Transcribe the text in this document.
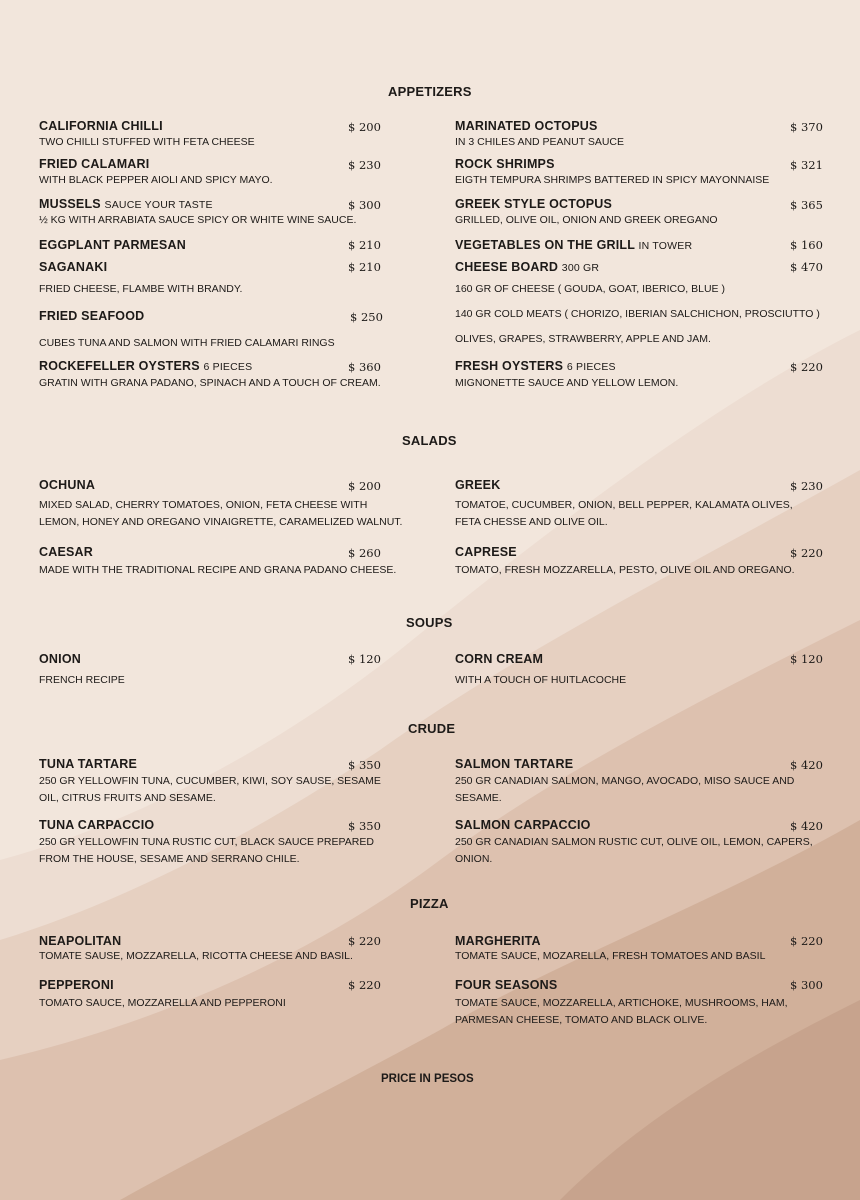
APPETIZERS
CALIFORNIA CHILLI	$ 200
TWO CHILLI STUFFED WITH FETA CHEESE
FRIED CALAMARI	$ 230
WITH BLACK PEPPER AIOLI AND SPICY MAYO.
MUSSELS SAUCE YOUR TASTE	$ 300
½ KG WITH ARRABIATA SAUCE SPICY OR WHITE WINE SAUCE.
EGGPLANT PARMESAN	$ 210
SAGANAKI	$ 210
FRIED CHEESE, FLAMBE WITH BRANDY.
FRIED SEAFOOD	$ 250
CUBES TUNA AND SALMON WITH FRIED CALAMARI RINGS
ROCKEFELLER OYSTERS 6 PIECES	$ 360
GRATIN WITH GRANA PADANO, SPINACH AND A TOUCH OF CREAM.
MARINATED OCTOPUS	$ 370
IN 3 CHILES AND PEANUT SAUCE
ROCK SHRIMPS	$ 321
EIGTH TEMPURA SHRIMPS BATTERED IN SPICY MAYONNAISE
GREEK STYLE OCTOPUS	$ 365
GRILLED, OLIVE OIL, ONION AND GREEK OREGANO
VEGETABLES ON THE GRILL IN TOWER	$ 160
CHEESE BOARD 300 GR	$ 470
160 GR OF CHEESE ( GOUDA, GOAT, IBERICO, BLUE )
140 GR COLD MEATS ( CHORIZO, IBERIAN SALCHICHON, PROSCIUTTO )
OLIVES, GRAPES, STRAWBERRY, APPLE AND JAM.
FRESH OYSTERS 6 PIECES	$ 220
MIGNONETTE SAUCE AND YELLOW LEMON.
SALADS
OCHUNA	$ 200
MIXED SALAD, CHERRY TOMATOES, ONION, FETA CHEESE WITH LEMON, HONEY AND OREGANO VINAIGRETTE, CARAMELIZED WALNUT.
CAESAR	$ 260
MADE WITH THE TRADITIONAL RECIPE AND GRANA PADANO CHEESE.
GREEK	$ 230
TOMATOE, CUCUMBER, ONION, BELL PEPPER, KALAMATA OLIVES, FETA CHESSE AND OLIVE OIL.
CAPRESE	$ 220
TOMATO, FRESH MOZZARELLA, PESTO, OLIVE OIL AND OREGANO.
SOUPS
ONION	$ 120
FRENCH RECIPE
CORN CREAM	$ 120
WITH A TOUCH OF HUITLACOCHE
CRUDE
TUNA TARTARE	$ 350
250 GR YELLOWFIN TUNA, CUCUMBER, KIWI, SOY SAUSE, SESAME OIL, CITRUS FRUITS AND SESAME.
TUNA CARPACCIO	$ 350
250 GR YELLOWFIN TUNA RUSTIC CUT, BLACK SAUCE PREPARED FROM THE HOUSE, SESAME AND SERRANO CHILE.
SALMON TARTARE	$ 420
250 GR CANADIAN SALMON, MANGO, AVOCADO, MISO SAUCE AND SESAME.
SALMON CARPACCIO	$ 420
250 GR CANADIAN SALMON RUSTIC CUT, OLIVE OIL, LEMON, CAPERS, ONION.
PIZZA
NEAPOLITAN	$ 220
TOMATE SAUSE, MOZZARELLA, RICOTTA CHEESE AND BASIL.
PEPPERONI	$ 220
TOMATO SAUCE, MOZZARELLA AND PEPPERONI
MARGHERITA	$ 220
TOMATE SAUCE, MOZARELLA, FRESH TOMATOES AND BASIL
FOUR SEASONS	$ 300
TOMATE SAUCE, MOZZARELLA, ARTICHOKE, MUSHROOMS, HAM, PARMESAN CHEESE, TOMATO AND BLACK OLIVE.
PRICE IN PESOS
